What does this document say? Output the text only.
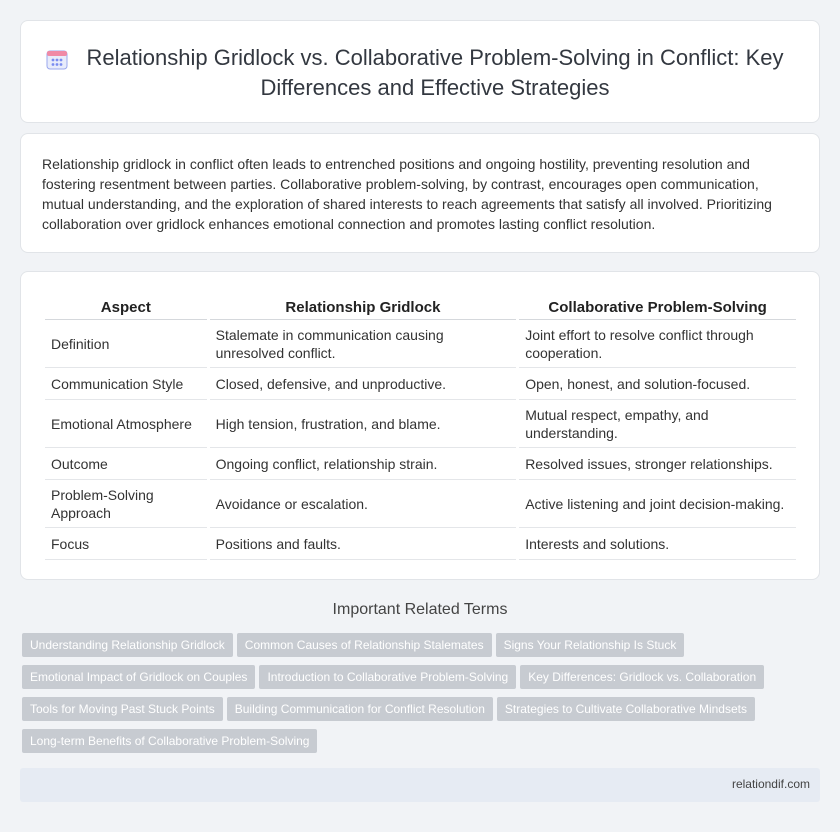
Relationship Gridlock vs. Collaborative Problem-Solving in Conflict: Key Differences and Effective Strategies

Relationship gridlock in conflict often leads to entrenched positions and ongoing hostility, preventing resolution and fostering resentment between parties. Collaborative problem-solving, by contrast, encourages open communication, mutual understanding, and the exploration of shared interests to reach agreements that satisfy all involved. Prioritizing collaboration over gridlock enhances emotional connection and promotes lasting conflict resolution.

Aspect	Relationship Gridlock	Collaborative Problem-Solving
Definition	Stalemate in communication causing unresolved conflict.	Joint effort to resolve conflict through cooperation.
Communication Style	Closed, defensive, and unproductive.	Open, honest, and solution-focused.
Emotional Atmosphere	High tension, frustration, and blame.	Mutual respect, empathy, and understanding.
Outcome	Ongoing conflict, relationship strain.	Resolved issues, stronger relationships.
Problem-Solving Approach	Avoidance or escalation.	Active listening and joint decision-making.
Focus	Positions and faults.	Interests and solutions.
Important Related Terms
Understanding Relationship Gridlock Common Causes of Relationship Stalemates Signs Your Relationship Is Stuck
Emotional Impact of Gridlock on Couples Introduction to Collaborative Problem-Solving Key Differences: Gridlock vs. Collaboration
Tools for Moving Past Stuck Points Building Communication for Conflict Resolution Strategies to Cultivate Collaborative Mindsets
Long-term Benefits of Collaborative Problem-Solving
relationdif.com
